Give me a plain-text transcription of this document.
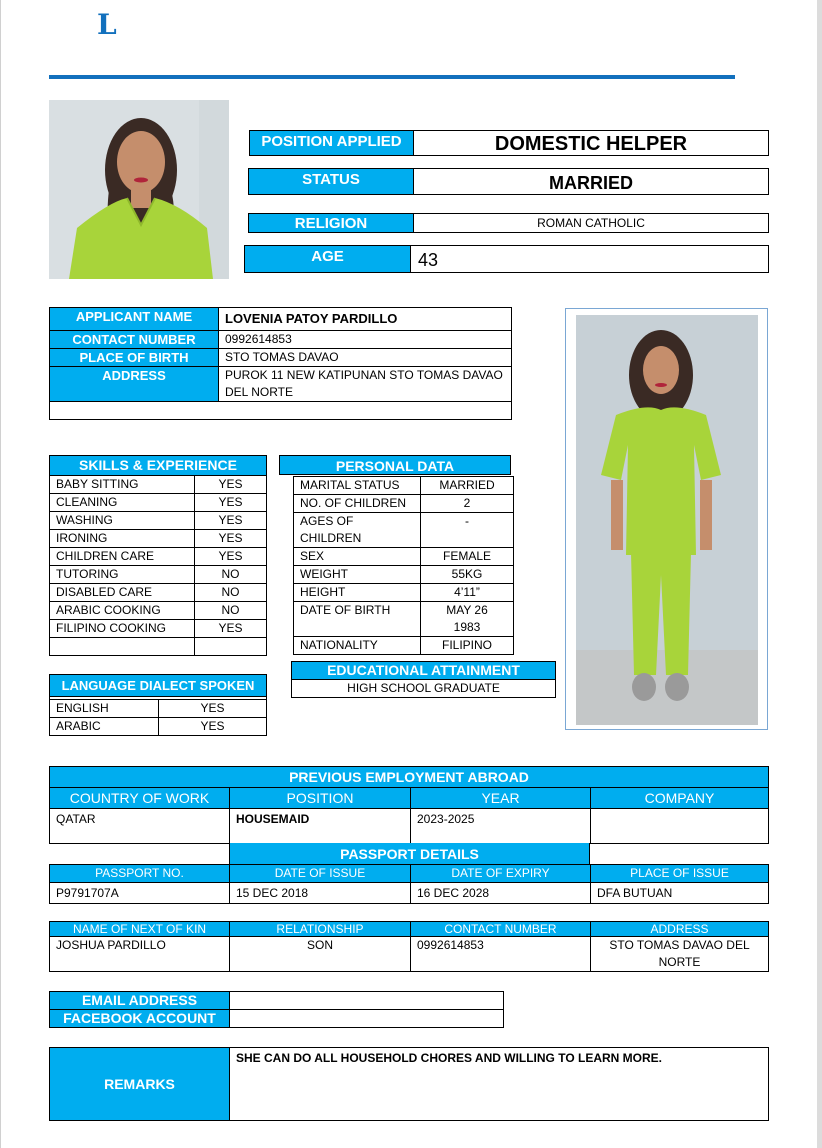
L
POSITION APPLIED	DOMESTIC HELPER
STATUS	MARRIED
RELIGION	ROMAN CATHOLIC
AGE	43
APPLICANT NAME	LOVENIA PATOY PARDILLO
CONTACT NUMBER	0992614853
PLACE OF BIRTH	STO TOMAS DAVAO
ADDRESS	PUROK 11 NEW KATIPUNAN STO TOMAS DAVAO DEL NORTE

SKILLS & EXPERIENCE	
BABY SITTING	YES
CLEANING	YES
WASHING	YES
IRONING	YES
CHILDREN CARE	YES
TUTORING	NO
DISABLED CARE	NO
ARABIC COOKING	NO
FILIPINO COOKING	YES

LANGUAGE DIALECT SPOKEN	

ENGLISH	YES
ARABIC	YES
PERSONAL DATA
MARITAL STATUS	MARRIED
NO. OF CHILDREN	2
AGES OF CHILDREN	-
SEX	FEMALE
WEIGHT	55KG
HEIGHT	4’11”
DATE OF BIRTH	MAY 26 1983
NATIONALITY	FILIPINO
EDUCATIONAL ATTAINMENT
HIGH SCHOOL GRADUATE
PREVIOUS EMPLOYMENT ABROAD			
COUNTRY OF WORK	POSITION	YEAR	COMPANY
QATAR	HOUSEMAID	2023-2025	
PASSPORT DETAILS
PASSPORT NO.	DATE OF ISSUE	DATE OF EXPIRY	PLACE OF ISSUE
P9791707A	15 DEC 2018	16 DEC 2028	DFA BUTUAN
NAME OF NEXT OF KIN	RELATIONSHIP	CONTACT NUMBER	ADDRESS
JOSHUA PARDILLO	SON	0992614853	STO TOMAS DAVAO DEL NORTE
EMAIL ADDRESS	
FACEBOOK ACCOUNT	
REMARKS	SHE CAN DO ALL HOUSEHOLD CHORES AND WILLING TO LEARN MORE.
